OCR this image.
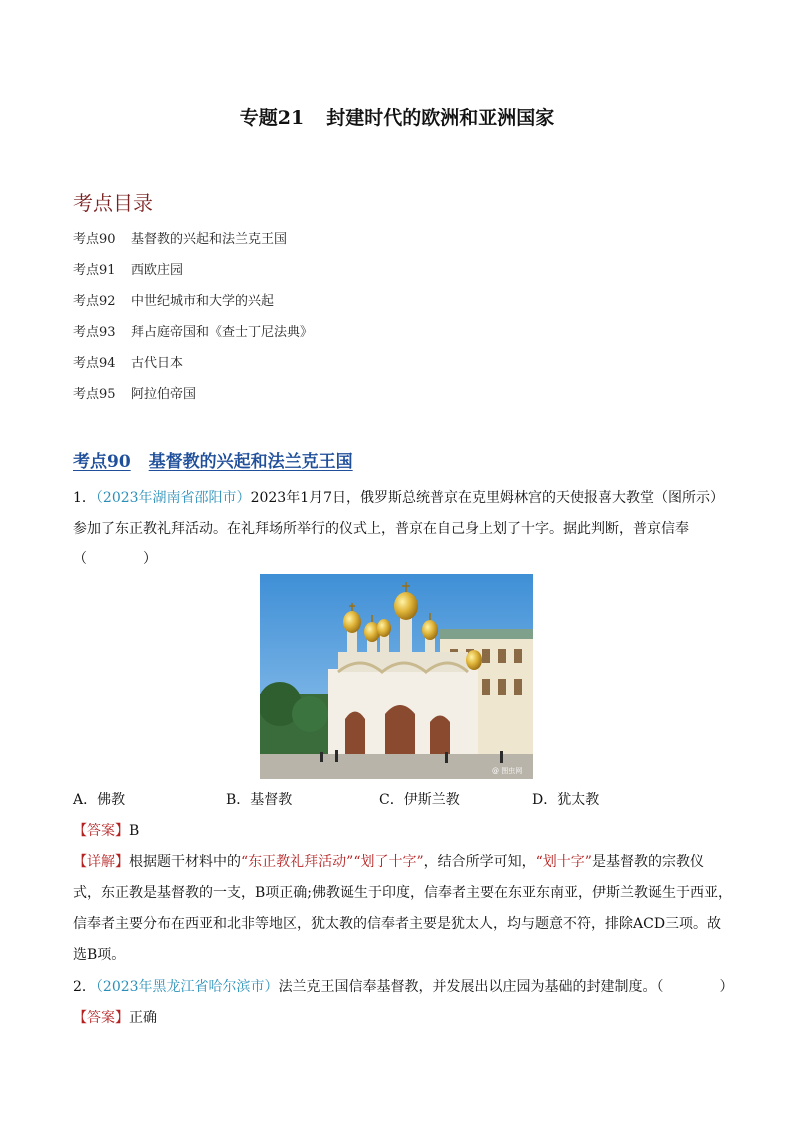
专题21 封建时代的欧洲和亚洲国家
考点目录
考点90 基督教的兴起和法兰克王国
考点91 西欧庄园
考点92 中世纪城市和大学的兴起
考点93 拜占庭帝国和《查士丁尼法典》
考点94 古代日本
考点95 阿拉伯帝国
考点90 基督教的兴起和法兰克王国
1．（2023年湖南省邵阳市）2023年1月7日，俄罗斯总统普京在克里姆林宫的天使报喜大教堂（图所示）
参加了东正教礼拜活动。在礼拜场所举行的仪式上，普京在自己身上划了十字。据此判断，普京信奉
（　　　　）
@ 图虫网
A．佛教	B．基督教	C．伊斯兰教	D．犹太教
【答案】B
【详解】根据题干材料中的“东正教礼拜活动”“划了十字”，结合所学可知，“划十字”是基督教的宗教仪
式，东正教是基督教的一支，B项正确;佛教诞生于印度，信奉者主要在东亚东南亚，伊斯兰教诞生于西亚，
信奉者主要分布在西亚和北非等地区，犹太教的信奉者主要是犹太人，均与题意不符，排除ACD三项。故
选B项。
2．（2023年黑龙江省哈尔滨市）法兰克王国信奉基督教，并发展出以庄园为基础的封建制度。（　　　　）
【答案】正确
